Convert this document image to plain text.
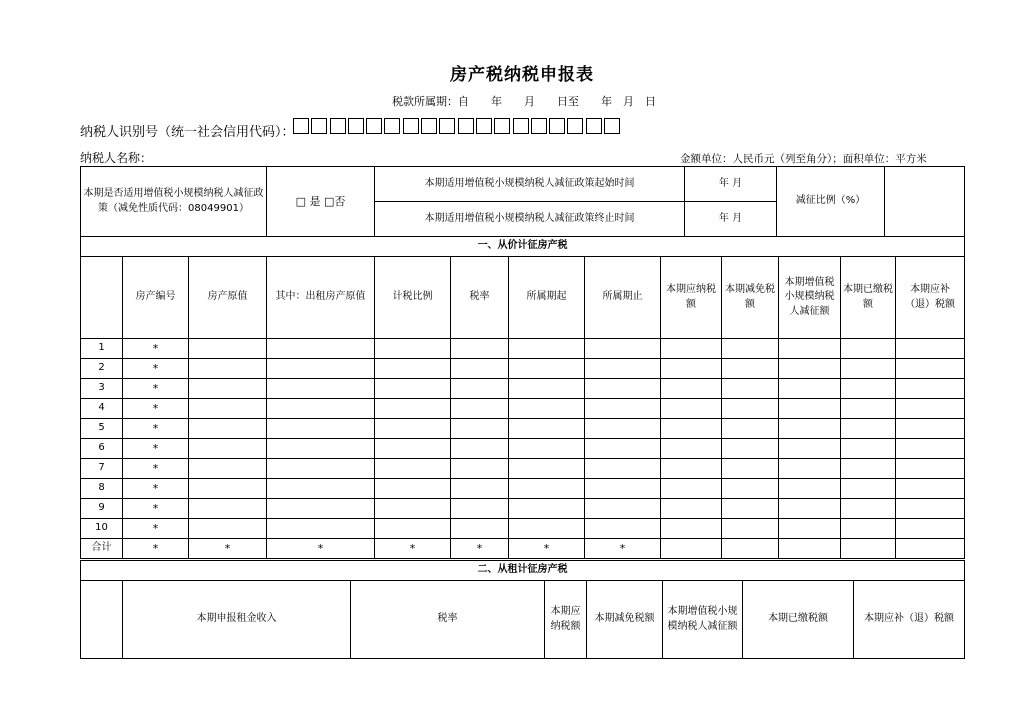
房产税纳税申报表
税款所属期：自　　年　　月　　日至　　年　月　日
纳税人识别号（统一社会信用代码）：
纳税人名称：	金额单位：人民币元（列至角分）；面积单位：平方米
本期是否适用增值税小规模纳税人减征政策（减免性质代码：08049901）	□ 是 □否	本期适用增值税小规模纳税人减征政策起始时间	年 月	减征比例（%）	
		本期适用增值税小规模纳税人减征政策终止时间	年 月		
一、从价计征房产税												
	房产编号	房产原值	其中：出租房产原值	计税比例	税率	所属期起	所属期止	本期应纳税额	本期减免税额	本期增值税小规模纳税人减征额	本期已缴税额	本期应补（退）税额
1	*											
2	*											
3	*											
4	*											
5	*											
6	*											
7	*											
8	*											
9	*											
10	*											
合计	*	*	*	*	*	*	*					
二、从租计征房产税
	本期申报租金收入	税率	本期应纳税额	本期减免税额	本期增值税小规模纳税人减征额	本期已缴税额	本期应补（退）税额
